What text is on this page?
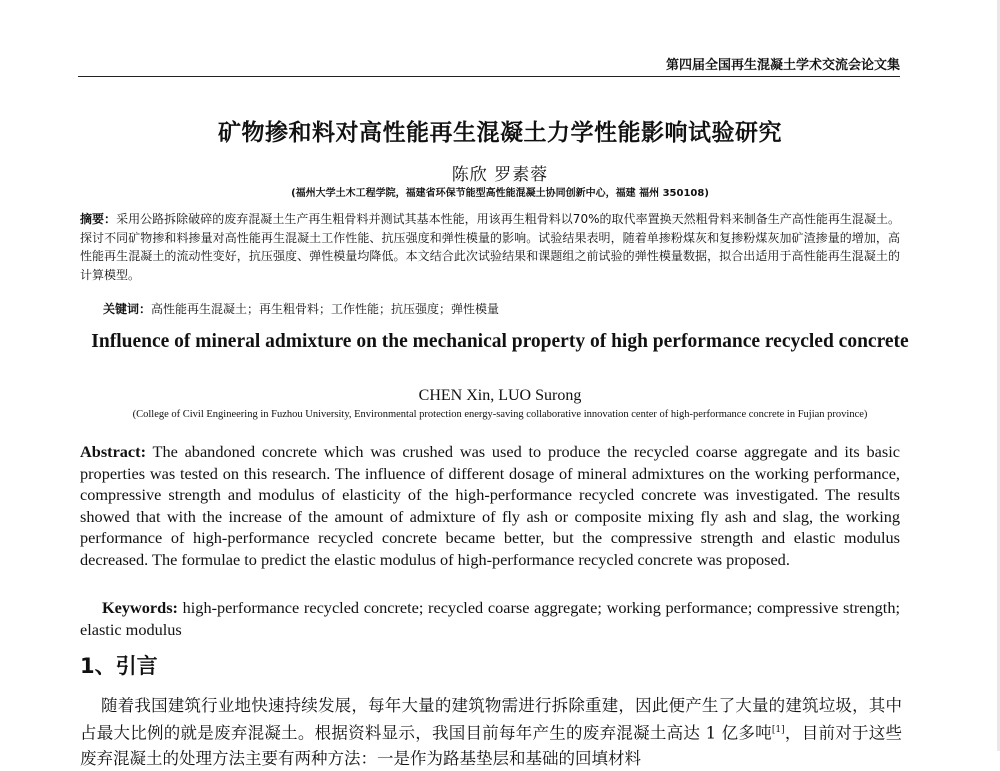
第四届全国再生混凝土学术交流会论文集
矿物掺和料对高性能再生混凝土力学性能影响试验研究
陈欣 罗素蓉
(福州大学土木工程学院，福建省环保节能型高性能混凝土协同创新中心，福建 福州 350108)
摘要：采用公路拆除破碎的废弃混凝土生产再生粗骨料并测试其基本性能，用该再生粗骨料以70%的取代率置换天然粗骨料来制备生产高性能再生混凝土。探讨不同矿物掺和料掺量对高性能再生混凝土工作性能、抗压强度和弹性模量的影响。试验结果表明，随着单掺粉煤灰和复掺粉煤灰加矿渣掺量的增加，高性能再生混凝土的流动性变好，抗压强度、弹性模量均降低。本文结合此次试验结果和课题组之前试验的弹性模量数据，拟合出适用于高性能再生混凝土的计算模型。
关键词：高性能再生混凝土；再生粗骨料；工作性能；抗压强度；弹性模量
Influence of mineral admixture on the mechanical property of high performance recycled concrete
CHEN Xin, LUO Surong
(College of Civil Engineering in Fuzhou University, Environmental protection energy-saving collaborative innovation center of high-performance concrete in Fujian province)
Abstract: The abandoned concrete which was crushed was used to produce the recycled coarse aggregate and its basic properties was tested on this research. The influence of different dosage of mineral admixtures on the working performance, compressive strength and modulus of elasticity of the high-performance recycled concrete was investigated. The results showed that with the increase of the amount of admixture of fly ash or composite mixing fly ash and slag, the working performance of high-performance recycled concrete became better, but the compressive strength and elastic modulus decreased. The formulae to predict the elastic modulus of high-performance recycled concrete was proposed.
Keywords: high-performance recycled concrete; recycled coarse aggregate; working performance; compressive strength; elastic modulus
1、引言
随着我国建筑行业地快速持续发展，每年大量的建筑物需进行拆除重建，因此便产生了大量的建筑垃圾，其中占最大比例的就是废弃混凝土。根据资料显示，我国目前每年产生的废弃混凝土高达 1 亿多吨[1]，目前对于这些废弃混凝土的处理方法主要有两种方法：一是作为路基垫层和基础的回填材料
